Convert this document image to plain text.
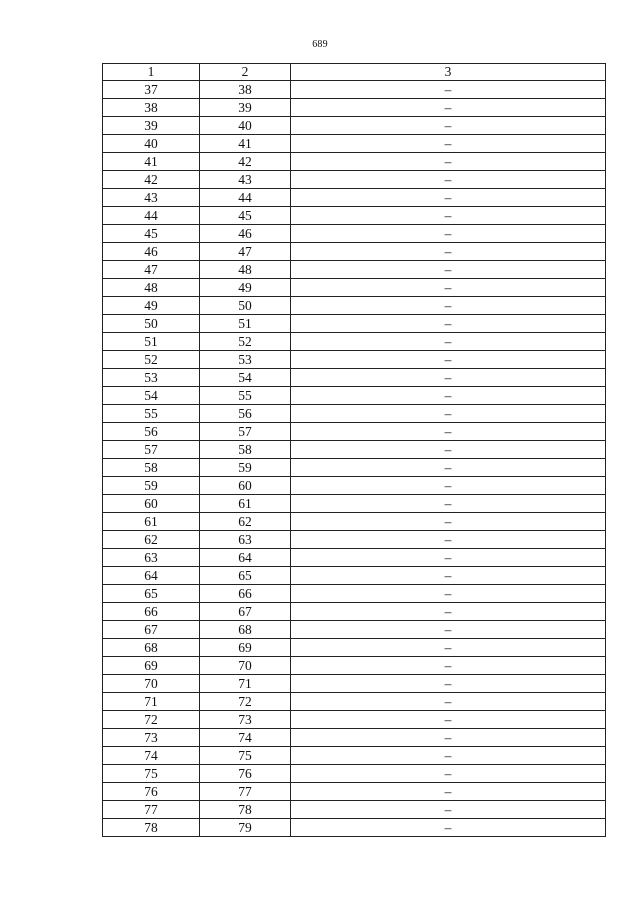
689
1	2	3
37	38	–
38	39	–
39	40	–
40	41	–
41	42	–
42	43	–
43	44	–
44	45	–
45	46	–
46	47	–
47	48	–
48	49	–
49	50	–
50	51	–
51	52	–
52	53	–
53	54	–
54	55	–
55	56	–
56	57	–
57	58	–
58	59	–
59	60	–
60	61	–
61	62	–
62	63	–
63	64	–
64	65	–
65	66	–
66	67	–
67	68	–
68	69	–
69	70	–
70	71	–
71	72	–
72	73	–
73	74	–
74	75	–
75	76	–
76	77	–
77	78	–
78	79	–
